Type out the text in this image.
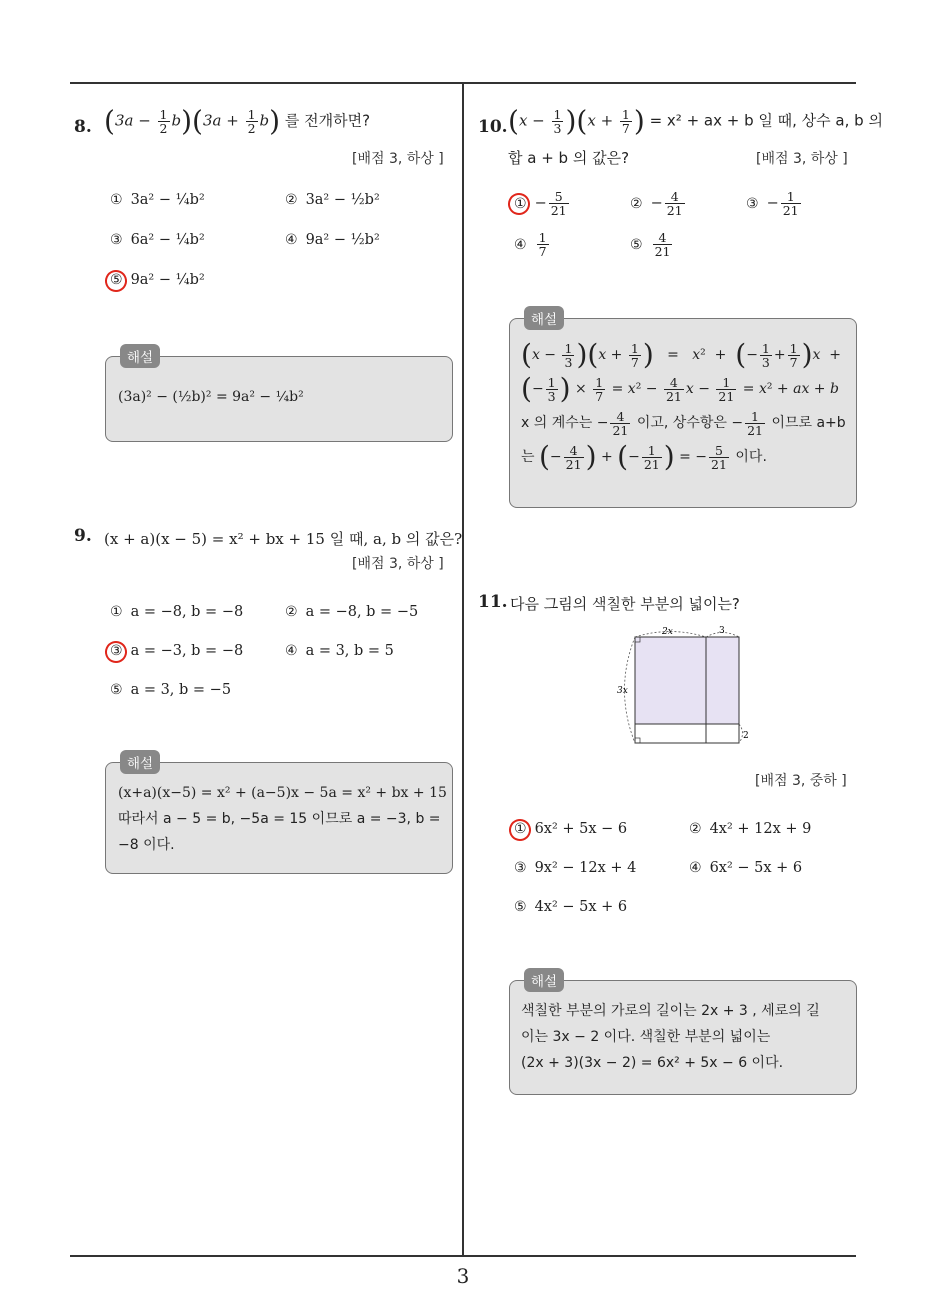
3
8. $(3a - \frac{1}{2} b)(3a + \frac{1}{2} b)$ 를 전개하면?
[배점 3, 하상 ]
① 3a² − ¼b²	② 3a² − ½b²
③ 6a² − ¼b²	④ 9a² − ½b²
⑤ 9a² − ¼b²
해설
(3a)² − (½b)² = 9a² − ¼b²
9. (x + a)(x − 5) = x² + bx + 15 일 때, a, b 의 값은?
[배점 3, 하상 ]
① a = −8, b = −8	② a = −8, b = −5
③ a = −3, b = −8	④ a = 3, b = 5
⑤ a = 3, b = −5
해설
(x+a)(x−5) = x² + (a−5)x − 5a = x² + bx + 15
따라서 a − 5 = b, −5a = 15 이므로 a = −3, b =
−8 이다.
10. $(x - \frac{1}{3} )(x + \frac{1}{7}$ ) = x² + ax + b 일 때, 상수 a, b 의
합 a + b 의 값은?	[배점 3, 하상 ]
① − $\frac{5}{21}$	② − $\frac{4}{21}$	③ − $\frac{1}{21}$
④ $\frac{1}{7}$	⑤ $\frac{4}{21}$
해설
$(x - \frac{1}{3} )(x + \frac{1}{7}$ )   =   x²  +  (− $\frac{1}{3} + \frac{1}{7} )x$  +
(− $\frac{1}{3}$ ) × $\frac{1}{7} = x^2 - \frac{4}{21}$ $x - \frac{1}{21} = x^2$ + ax + b
x 의 계수는 − $\frac{4}{21}$ 이고, 상수항은 − $\frac{1}{21}$ 이므로 a+b
는 (− $\frac{4}{21}$ ) + (− $\frac{1}{21}$ ) = − $\frac{5}{21}$ 이다.
11. 다음 그림의 색칠한 부분의 넓이는?
2x	3
3x
2
[배점 3, 중하 ]
① 6x² + 5x − 6	② 4x² + 12x + 9
③ 9x² − 12x + 4	④ 6x² − 5x + 6
⑤ 4x² − 5x + 6
해설
색칠한 부분의 가로의 길이는 2x + 3 , 세로의 길
이는 3x − 2 이다. 색칠한 부분의 넓이는
(2x + 3)(3x − 2) = 6x² + 5x − 6 이다.
